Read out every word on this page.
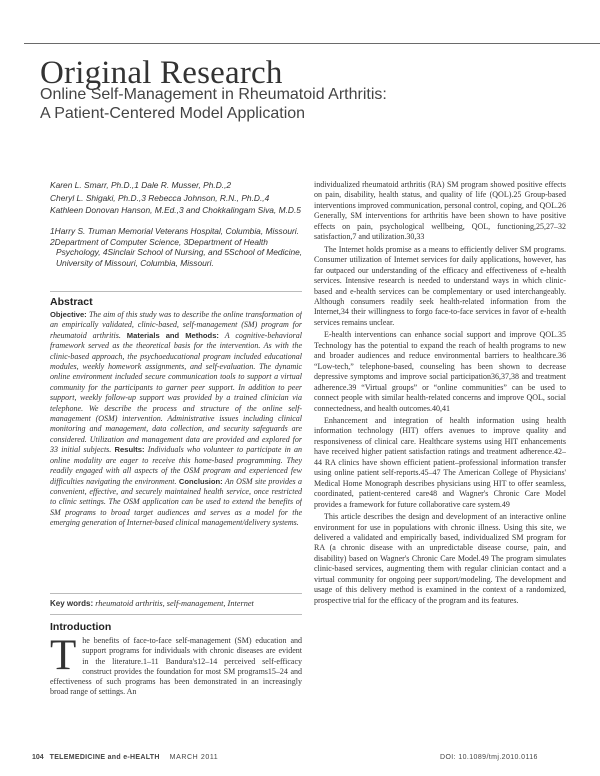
Original Research
Online Self-Management in Rheumatoid Arthritis:
A Patient-Centered Model Application
Karen L. Smarr, Ph.D.,1 Dale R. Musser, Ph.D.,2
Cheryl L. Shigaki, Ph.D.,3 Rebecca Johnson, R.N., Ph.D.,4
Kathleen Donovan Hanson, M.Ed.,3 and Chokkalingam Siva, M.D.5
1Harry S. Truman Memorial Veterans Hospital, Columbia, Missouri.
2Department of Computer Science, 3Department of Health
Psychology, 4Sinclair School of Nursing, and 5School of Medicine,
University of Missouri, Columbia, Missouri.
Abstract
Objective: The aim of this study was to describe the online transformation of an empirically validated, clinic-based, self-management (SM) program for rheumatoid arthritis. Materials and Methods: A cognitive-behavioral framework served as the theoretical basis for the intervention. As with the clinic-based approach, the psychoeducational program included educational modules, weekly homework assignments, and self-evaluation. The dynamic online environment included secure communication tools to support a virtual community for the participants to garner peer support. In addition to peer support, weekly follow-up support was provided by a trained clinician via telephone. We describe the process and structure of the online self-management (OSM) intervention. Administrative issues including clinical monitoring and management, data collection, and security safeguards are considered. Utilization and management data are provided and explored for 33 initial subjects. Results: Individuals who volunteer to participate in an online modality are eager to receive this home-based programming. They readily engaged with all aspects of the OSM program and experienced few difficulties navigating the environment. Conclusion: An OSM site provides a convenient, effective, and securely maintained health service, once restricted to clinic settings. The OSM application can be used to extend the benefits of SM programs to broad target audiences and serves as a model for the emerging generation of Internet-based clinical management/delivery systems.
Key words: rheumatoid arthritis, self-management, Internet
Introduction
The benefits of face-to-face self-management (SM) education and support programs for individuals with chronic diseases are evident in the literature.1–11 Bandura's12–14 perceived self-efficacy construct provides the foundation for most SM programs15–24 and effectiveness of such programs has been demonstrated in an increasingly broad range of settings. An

individualized rheumatoid arthritis (RA) SM program showed positive effects on pain, disability, health status, and quality of life (QOL).25 Group-based interventions improved communication, personal control, coping, and QOL.26 Generally, SM interventions for arthritis have been shown to have positive effects on pain, psychological wellbeing, QOL, functioning,25,27–32 satisfaction,7 and utilization.30,33

The Internet holds promise as a means to efficiently deliver SM programs. Consumer utilization of Internet services for daily applications, however, has far outpaced our understanding of the efficacy and effectiveness of e-health services. Intensive research is needed to understand ways in which clinic-based and e-health services can be complementary or used interchangeably. Although consumers readily seek health-related information from the Internet,34 their willingness to forgo face-to-face services in favor of e-health services remains unclear.

E-health interventions can enhance social support and improve QOL.35 Technology has the potential to expand the reach of health programs to new and broader audiences and reduce environmental barriers to healthcare.36 “Low-tech,” telephone-based, counseling has been shown to decrease depressive symptoms and improve social participation36,37,38 and treatment adherence.39 “Virtual groups” or “online communities” can be used to connect people with similar health-related concerns and improve QOL, social connectedness, and health outcomes.40,41

Enhancement and integration of health information using health information technology (HIT) offers avenues to improve quality and responsiveness of clinical care. Healthcare systems using HIT enhancements have received higher patient satisfaction ratings and treatment adherence.42–44 RA clinics have shown efficient patient–professional information transfer using online patient self-reports.45–47 The American College of Physicians' Medical Home Monograph describes physicians using HIT to offer seamless, coordinated, patient-centered care48 and Wagner's Chronic Care Model provides a framework for future collaborative care system.49

This article describes the design and development of an interactive online environment for use in populations with chronic illness. Using this site, we delivered a validated and empirically based, individualized SM program for RA (a chronic disease with an unpredictable disease course, pain, and disability) based on Wagner's Chronic Care Model.49 The program simulates clinic-based services, augmenting them with regular clinician contact and a virtual community for ongoing peer support/modeling. The development and usage of this delivery method is examined in the context of a randomized, prospective trial for the efficacy of the program and its features.

104 TELEMEDICINE and e-HEALTH MARCH 2011	DOI: 10.1089/tmj.2010.0116
